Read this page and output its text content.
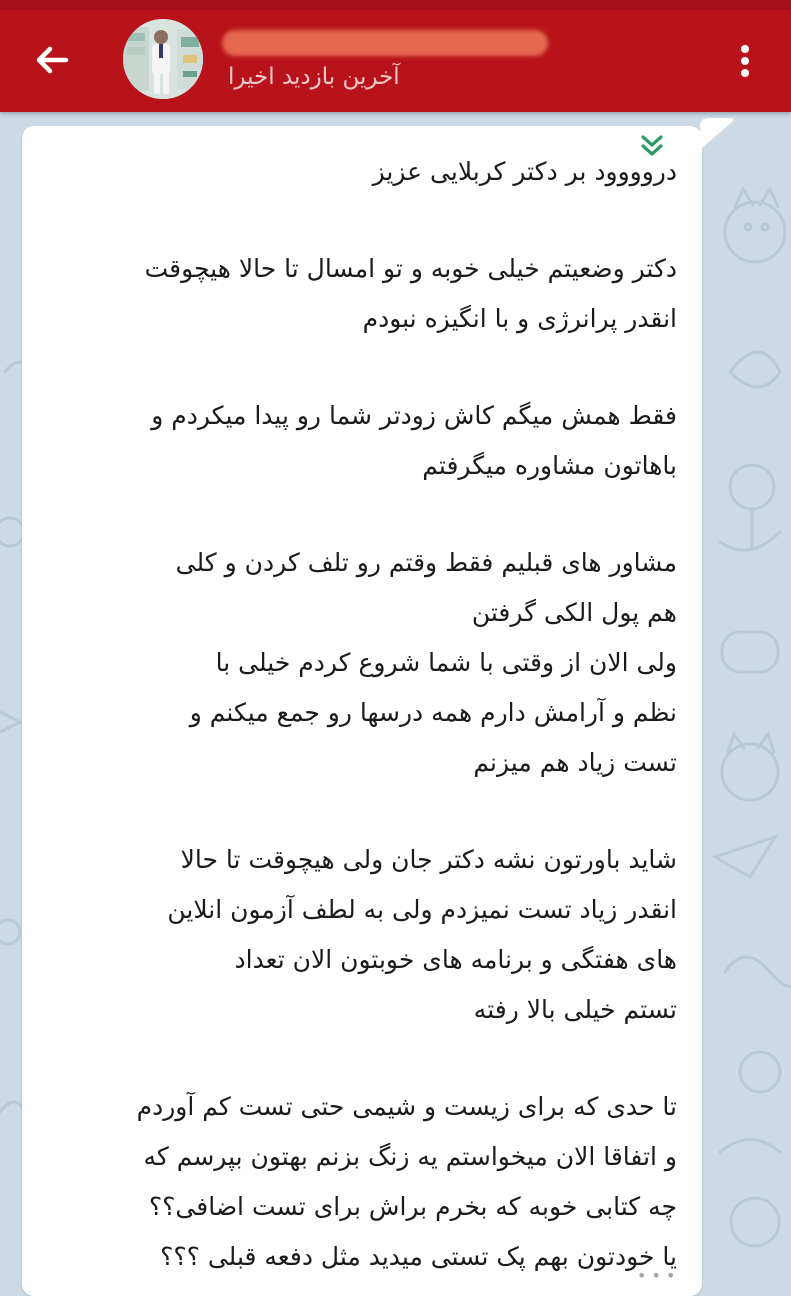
آخرین بازدید اخیرا
دروووود بر دکتر کربلایی عزیز
دکتر وضعیتم خیلی خوبه و تو امسال تا حالا هیچوقت
انقدر پرانرژی و با انگیزه نبودم
فقط همش میگم کاش زودتر شما رو پیدا میکردم و
باهاتون مشاوره میگرفتم
مشاور های قبلیم فقط وقتم رو تلف کردن و کلی
هم پول الکی گرفتن
ولی الان از وقتی با شما شروع کردم خیلی با
نظم و آرامش دارم همه درسها رو جمع میکنم و
تست زیاد هم میزنم
شاید باورتون نشه دکتر جان ولی هیچوقت تا حالا
انقدر زیاد تست نمیزدم ولی به لطف آزمون انلاین
های هفتگی و برنامه های خوبتون الان تعداد
تستم خیلی بالا رفته
تا حدی که برای زیست و شیمی حتی تست کم آوردم
و اتفاقا الان میخواستم یه زنگ بزنم بهتون بپرسم که
چه کتابی خوبه که بخرم براش برای تست اضافی؟؟
یا خودتون بهم پک تستی میدید مثل دفعه قبلی ؟؟؟
• • •
